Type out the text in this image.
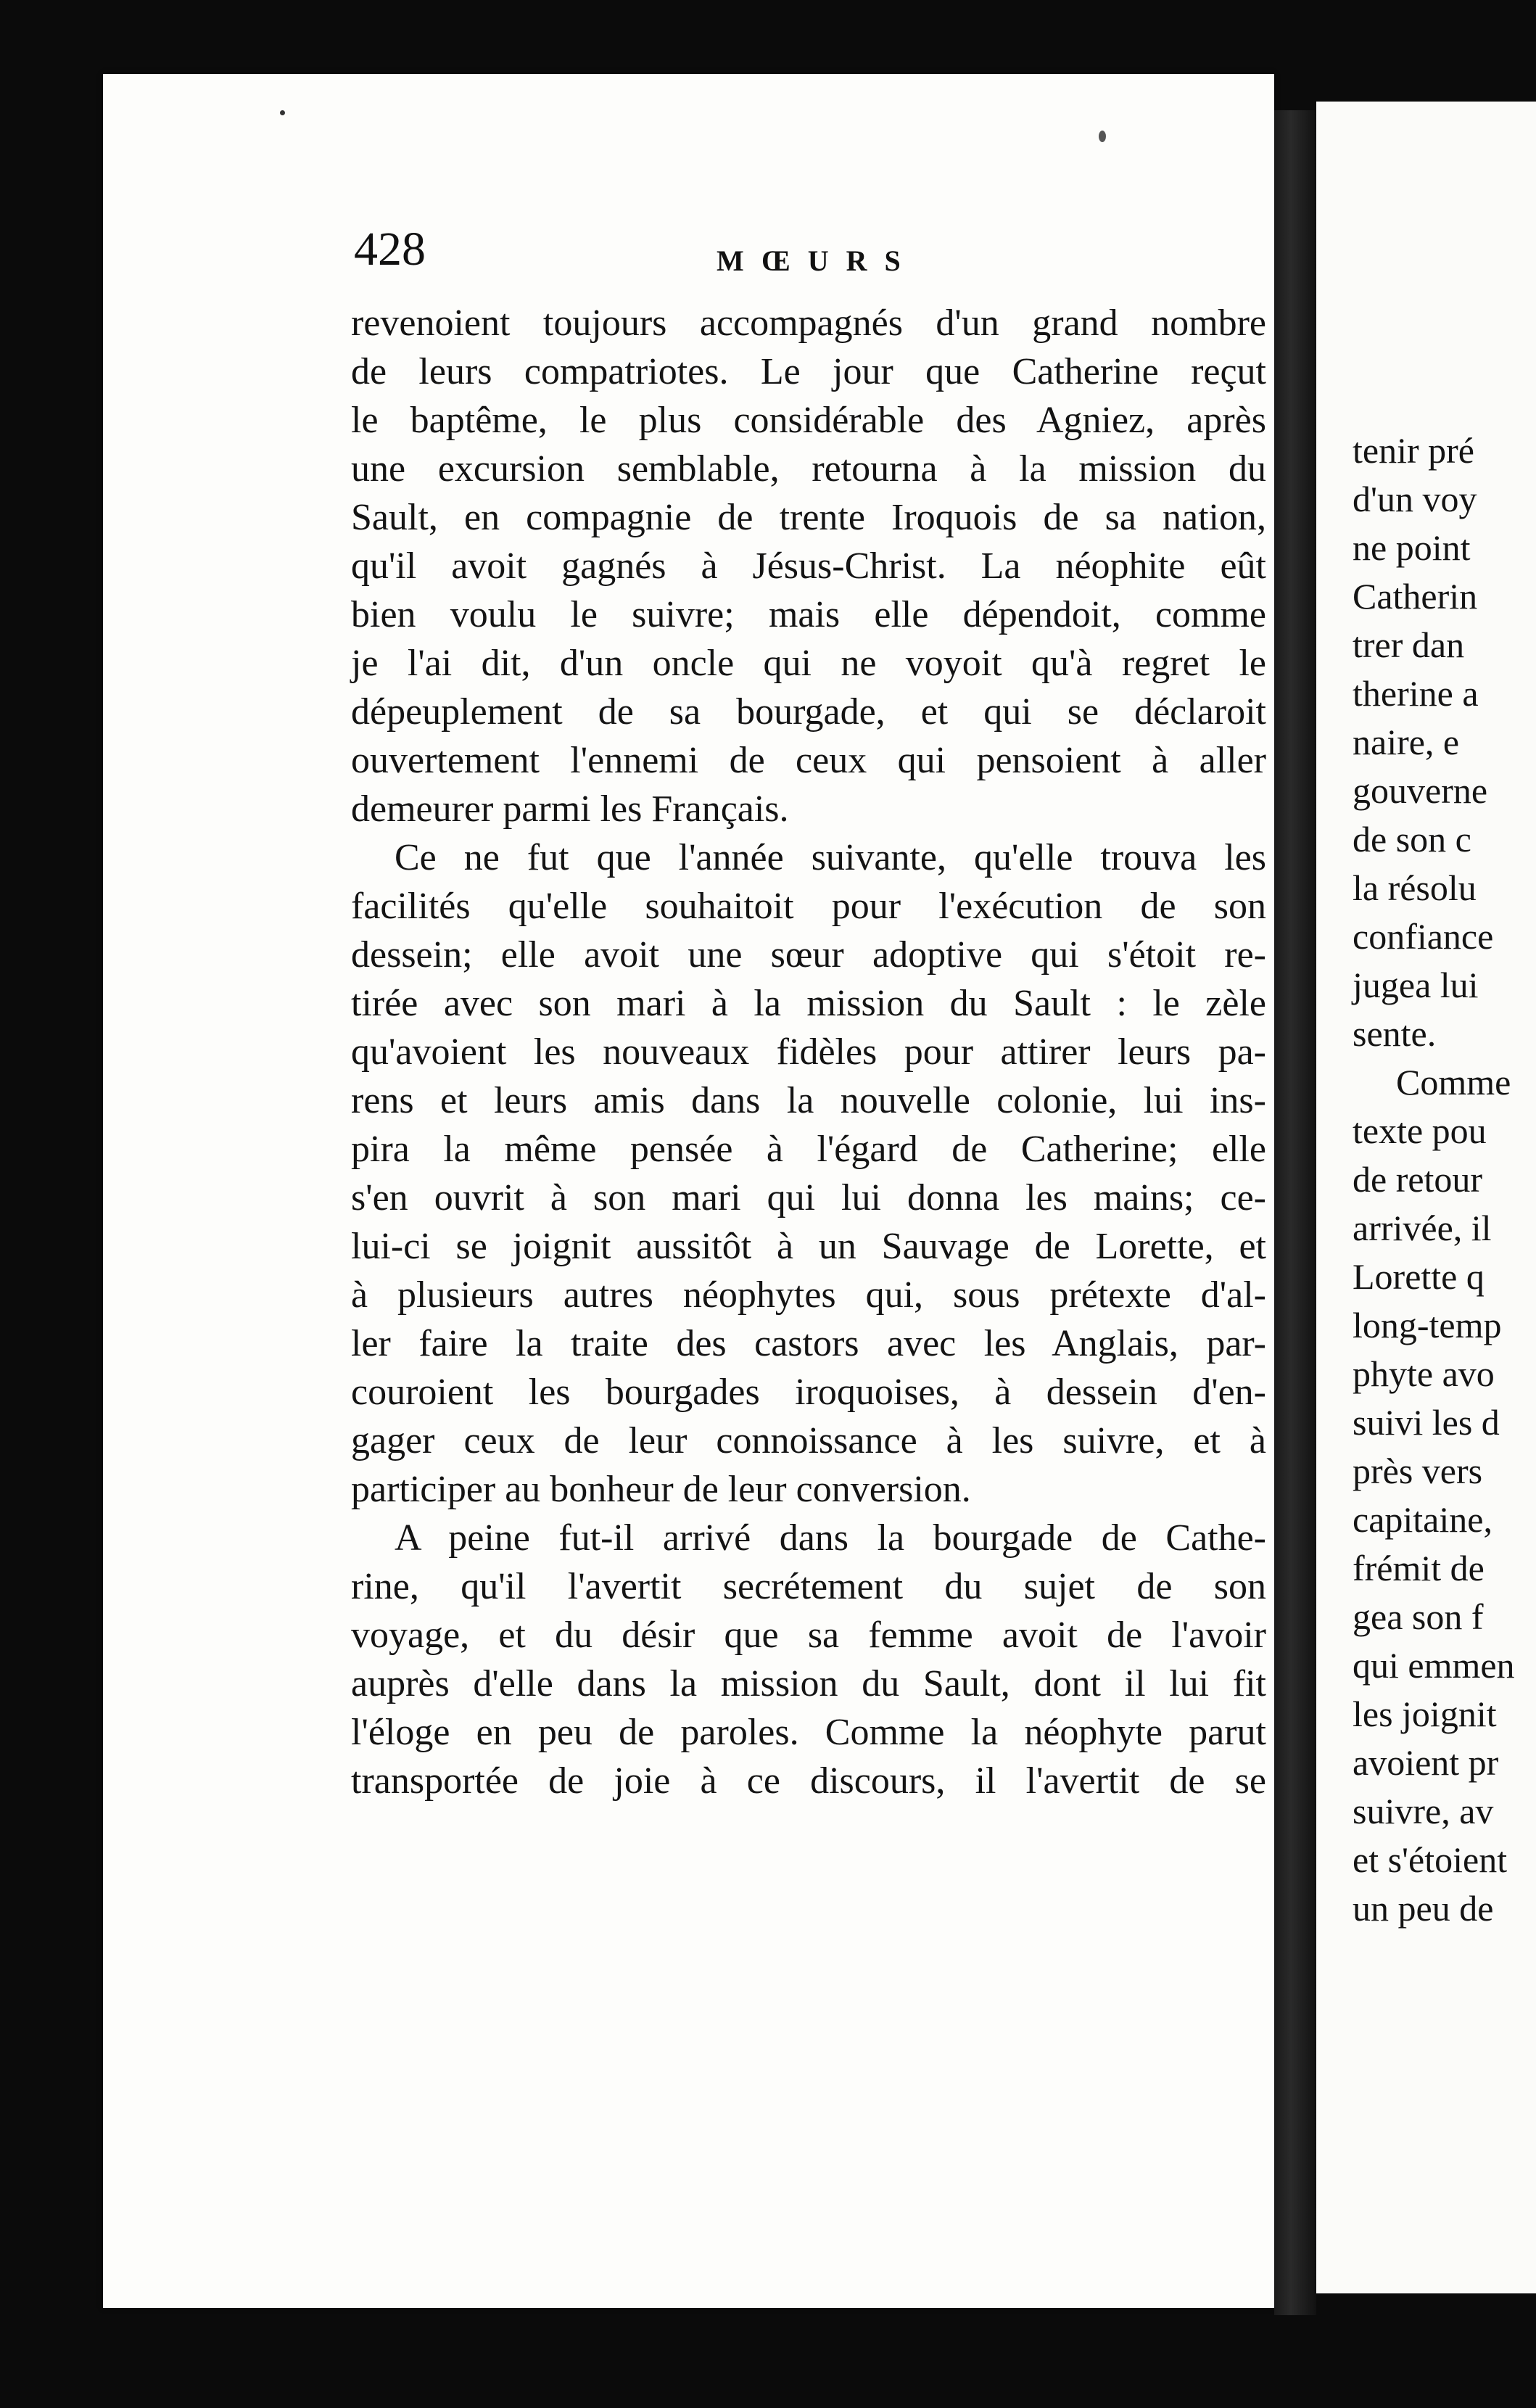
tenir pré
d'un voy
ne point
Catherin
trer dan
therine a
naire, e
gouverne
de son c
la résolu
confiance
jugea lui
sente.
Comme
texte pou
de retour
arrivée, il
Lorette q
long-temp
phyte avo
suivi les d
près vers
capitaine,
frémit de
gea son f
qui emmen
les joignit
avoient pr
suivre, av
et s'étoient
un peu de
428	MŒURS
revenoient toujours accompagnés d'un grand nombre
de leurs compatriotes. Le jour que Catherine reçut
le baptême, le plus considérable des Agniez, après
une excursion semblable, retourna à la mission du
Sault, en compagnie de trente Iroquois de sa nation,
qu'il avoit gagnés à Jésus-Christ. La néophite eût
bien voulu le suivre; mais elle dépendoit, comme
je l'ai dit, d'un oncle qui ne voyoit qu'à regret le
dépeuplement de sa bourgade, et qui se déclaroit
ouvertement l'ennemi de ceux qui pensoient à aller
demeurer parmi les Français.
Ce ne fut que l'année suivante, qu'elle trouva les
facilités qu'elle souhaitoit pour l'exécution de son
dessein; elle avoit une sœur adoptive qui s'étoit re-
tirée avec son mari à la mission du Sault : le zèle
qu'avoient les nouveaux fidèles pour attirer leurs pa-
rens et leurs amis dans la nouvelle colonie, lui ins-
pira la même pensée à l'égard de Catherine; elle
s'en ouvrit à son mari qui lui donna les mains; ce-
lui-ci se joignit aussitôt à un Sauvage de Lorette, et
à plusieurs autres néophytes qui, sous prétexte d'al-
ler faire la traite des castors avec les Anglais, par-
couroient les bourgades iroquoises, à dessein d'en-
gager ceux de leur connoissance à les suivre, et à
participer au bonheur de leur conversion.
A peine fut-il arrivé dans la bourgade de Cathe-
rine, qu'il l'avertit secrétement du sujet de son
voyage, et du désir que sa femme avoit de l'avoir
auprès d'elle dans la mission du Sault, dont il lui fit
l'éloge en peu de paroles. Comme la néophyte parut
transportée de joie à ce discours, il l'avertit de se
